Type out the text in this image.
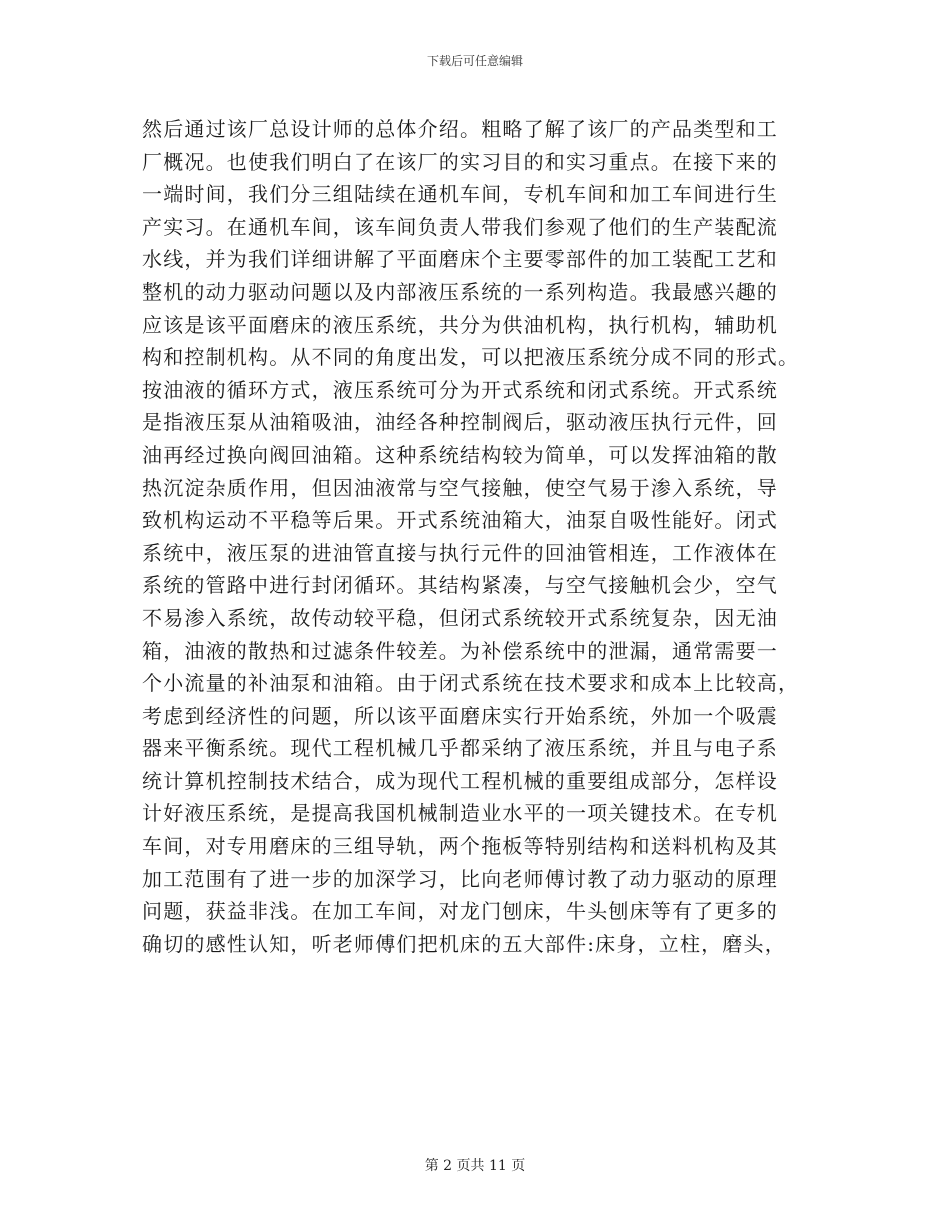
下载后可任意编辑
然后通过该厂总设计师的总体介绍。粗略了解了该厂的产品类型和工
厂概况。也使我们明白了在该厂的实习目的和实习重点。在接下来的
一端时间，我们分三组陆续在通机车间，专机车间和加工车间进行生
产实习。在通机车间，该车间负责人带我们参观了他们的生产装配流
水线，并为我们详细讲解了平面磨床个主要零部件的加工装配工艺和
整机的动力驱动问题以及内部液压系统的一系列构造。我最感兴趣的
应该是该平面磨床的液压系统，共分为供油机构，执行机构，辅助机
构和控制机构。从不同的角度出发，可以把液压系统分成不同的形式。
按油液的循环方式，液压系统可分为开式系统和闭式系统。开式系统
是指液压泵从油箱吸油，油经各种控制阀后，驱动液压执行元件，回
油再经过换向阀回油箱。这种系统结构较为简单，可以发挥油箱的散
热沉淀杂质作用，但因油液常与空气接触，使空气易于渗入系统，导
致机构运动不平稳等后果。开式系统油箱大，油泵自吸性能好。闭式
系统中，液压泵的进油管直接与执行元件的回油管相连，工作液体在
系统的管路中进行封闭循环。其结构紧凑，与空气接触机会少，空气
不易渗入系统，故传动较平稳，但闭式系统较开式系统复杂，因无油
箱，油液的散热和过滤条件较差。为补偿系统中的泄漏，通常需要一
个小流量的补油泵和油箱。由于闭式系统在技术要求和成本上比较高，
考虑到经济性的问题，所以该平面磨床实行开始系统，外加一个吸震
器来平衡系统。现代工程机械几乎都采纳了液压系统，并且与电子系
统计算机控制技术结合，成为现代工程机械的重要组成部分，怎样设
计好液压系统，是提高我国机械制造业水平的一项关键技术。在专机
车间，对专用磨床的三组导轨，两个拖板等特别结构和送料机构及其
加工范围有了进一步的加深学习，比向老师傅讨教了动力驱动的原理
问题，获益非浅。在加工车间，对龙门刨床，牛头刨床等有了更多的
确切的感性认知，听老师傅们把机床的五大部件:床身，立柱，磨头，
第 2 页共 11 页
